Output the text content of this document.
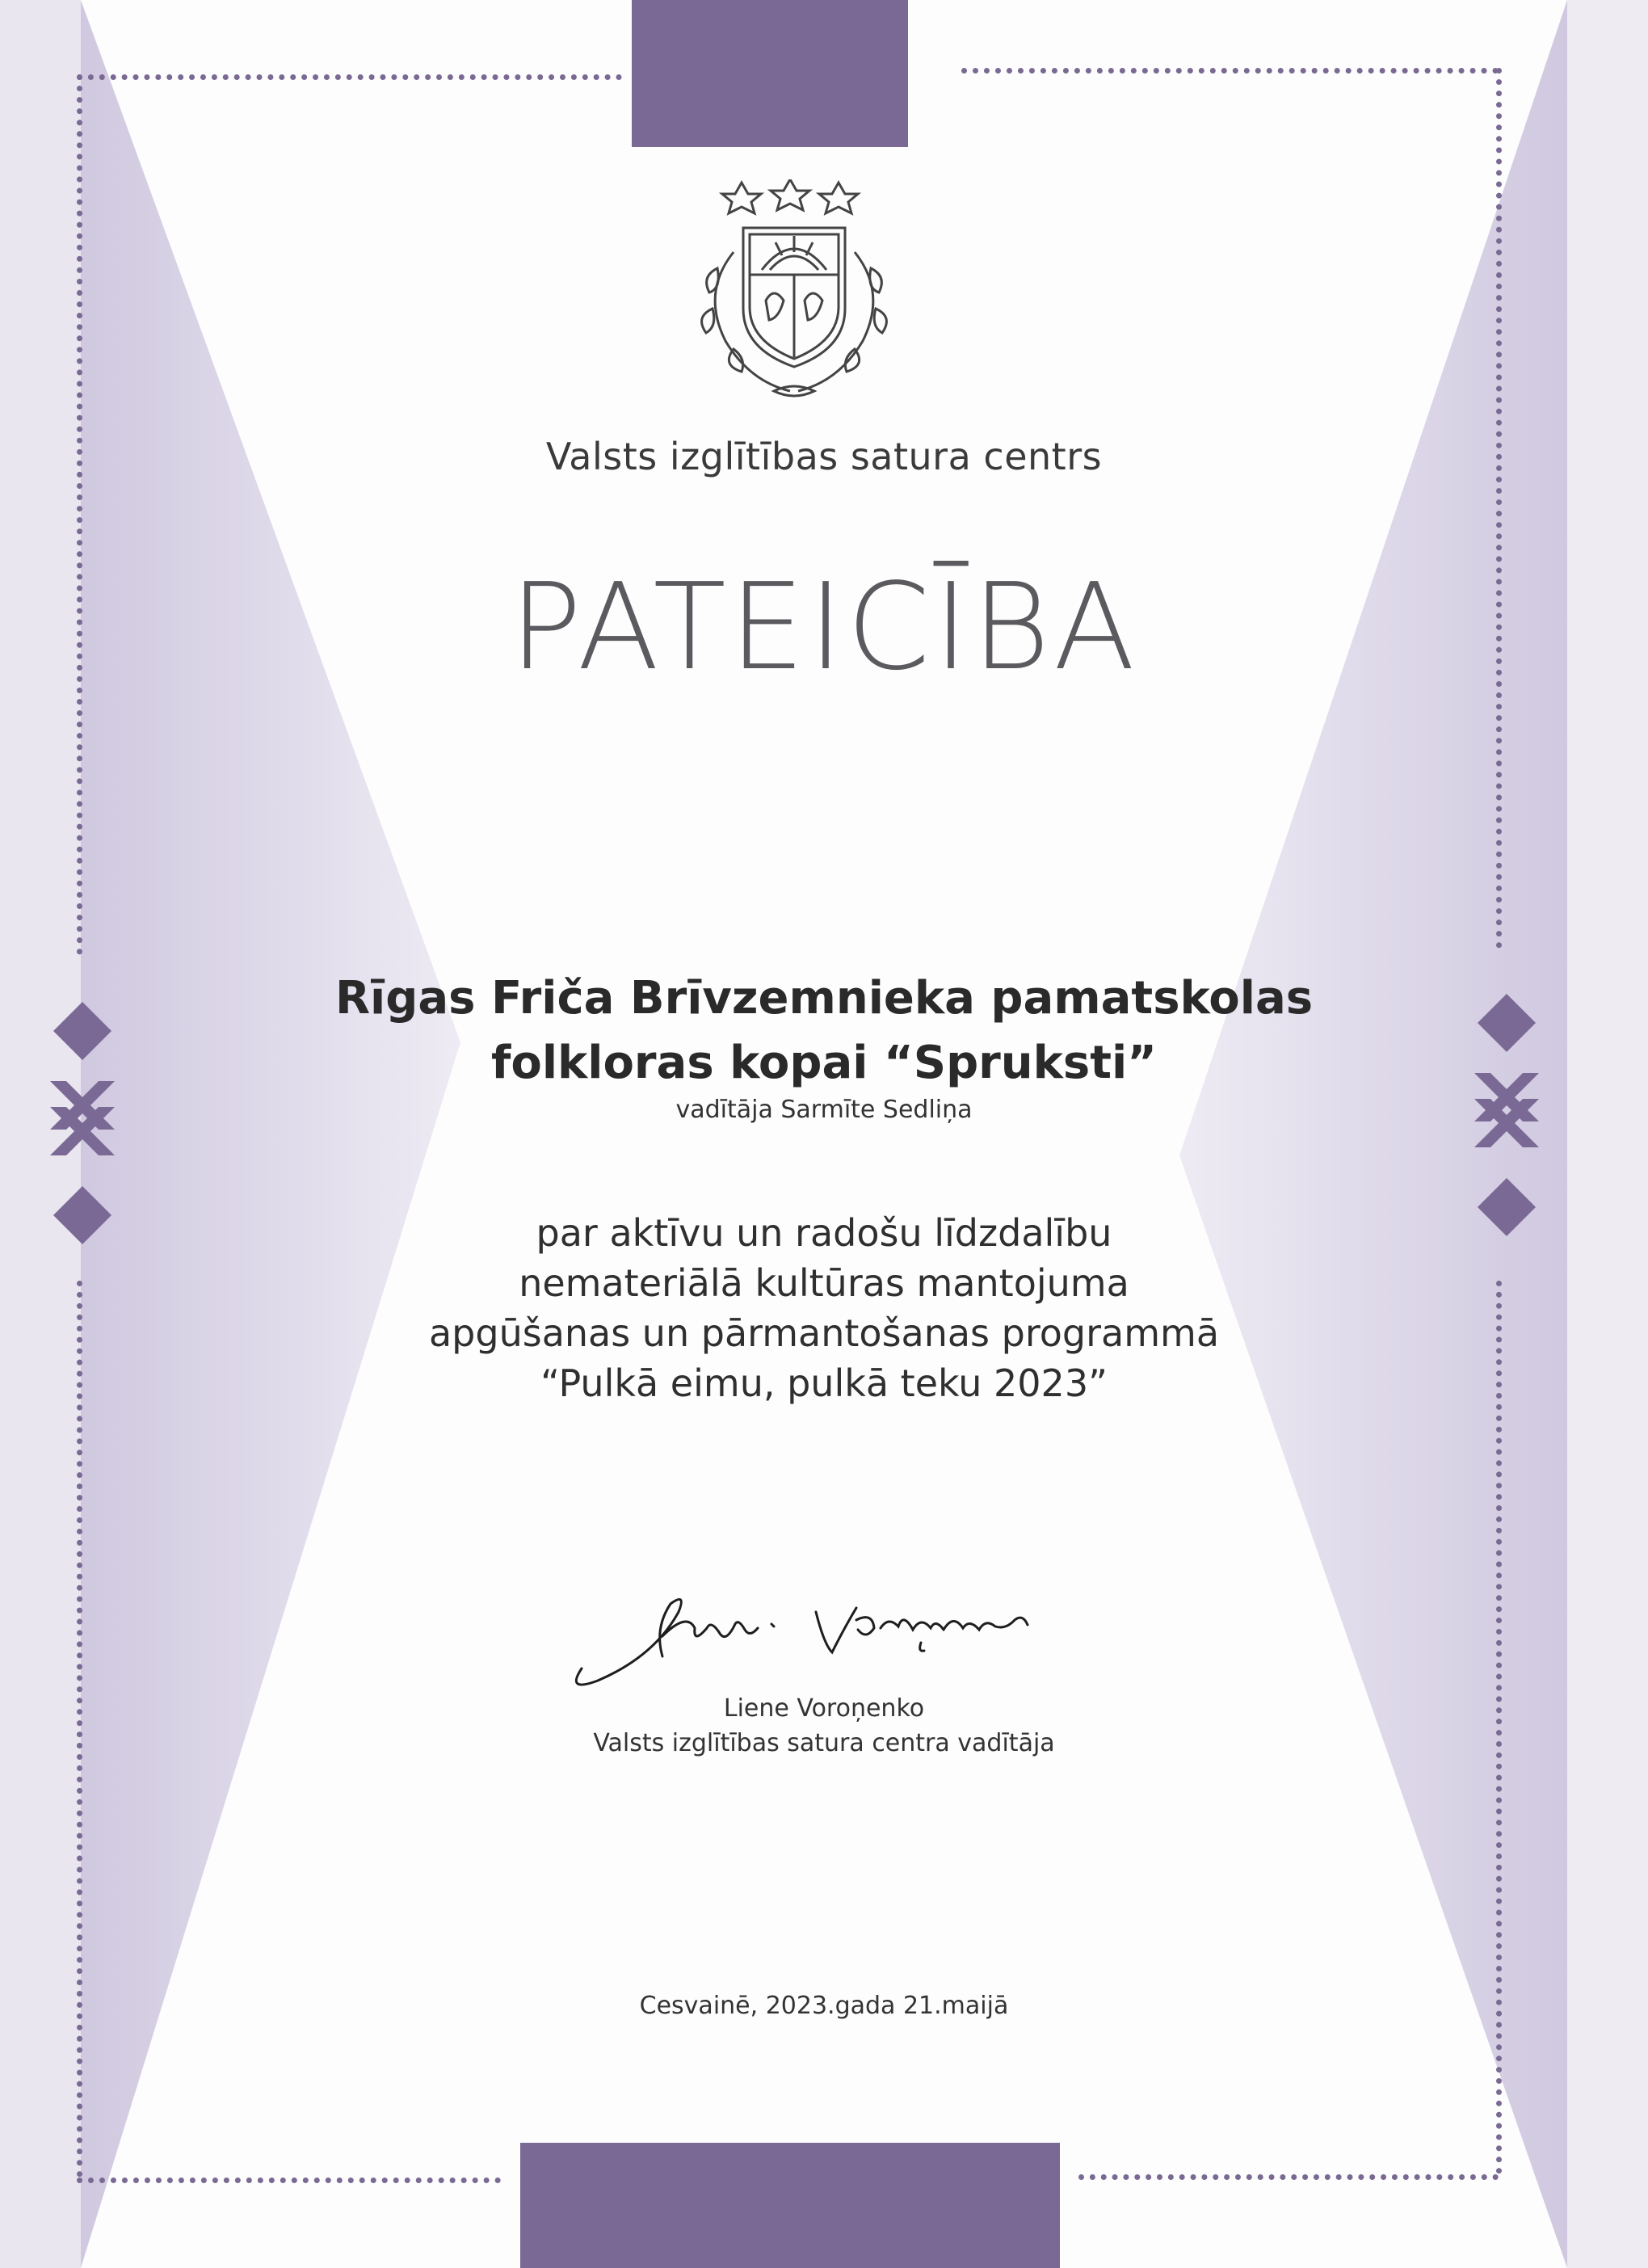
Valsts izglītības satura centrs

PATEICĪBA

Rīgas Friča Brīvzemnieka pamatskolas
folkloras kopai “Spruksti”

vadītāja Sarmīte Sedliņa

par aktīvu un radošu līdzdalību
nemateriālā kultūras mantojuma
apgūšanas un pārmantošanas programmā
“Pulkā eimu, pulkā teku 2023”

Liene Voroņenko

Valsts izglītības satura centra vadītāja

Cesvainē, 2023.gada 21.maijā
